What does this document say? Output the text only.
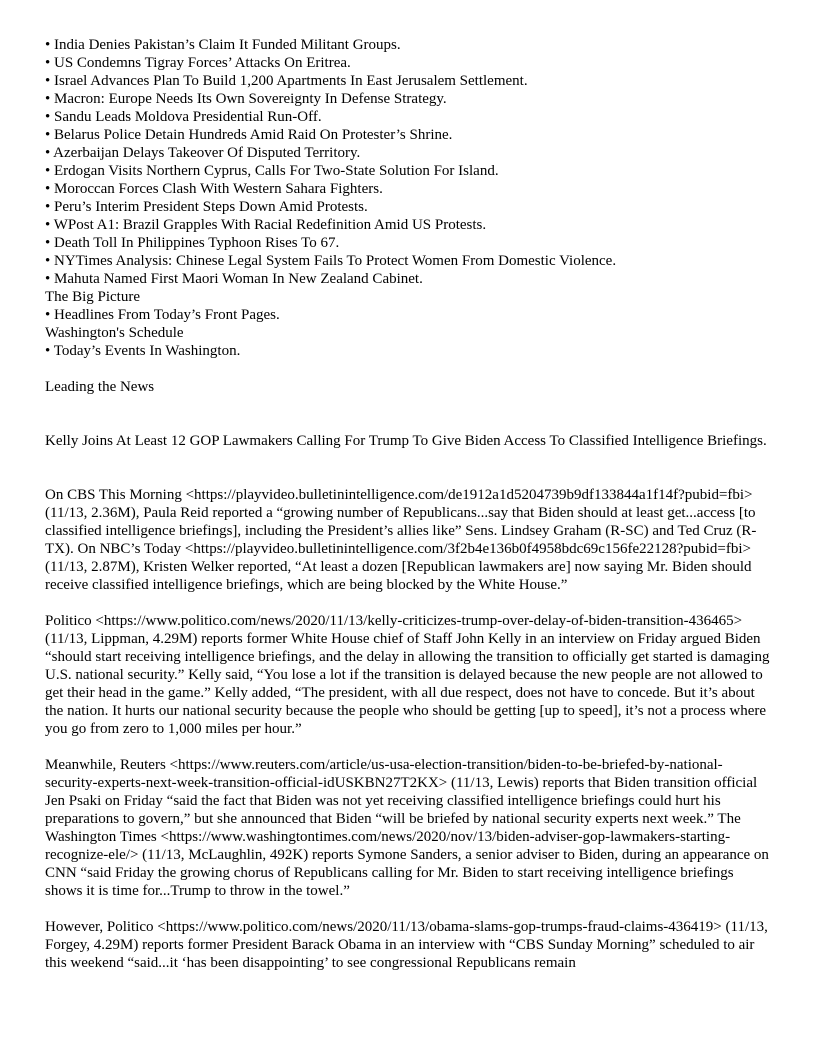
• India Denies Pakistan’s Claim It Funded Militant Groups.

• US Condemns Tigray Forces’ Attacks On Eritrea.

• Israel Advances Plan To Build 1,200 Apartments In East Jerusalem Settlement.

• Macron: Europe Needs Its Own Sovereignty In Defense Strategy.

• Sandu Leads Moldova Presidential Run-Off.

• Belarus Police Detain Hundreds Amid Raid On Protester’s Shrine.

• Azerbaijan Delays Takeover Of Disputed Territory.

• Erdogan Visits Northern Cyprus, Calls For Two-State Solution For Island.

• Moroccan Forces Clash With Western Sahara Fighters.

• Peru’s Interim President Steps Down Amid Protests.

• WPost A1: Brazil Grapples With Racial Redefinition Amid US Protests.

• Death Toll In Philippines Typhoon Rises To 67.

• NYTimes Analysis: Chinese Legal System Fails To Protect Women From Domestic Violence.

• Mahuta Named First Maori Woman In New Zealand Cabinet.

The Big Picture

• Headlines From Today’s Front Pages.

Washington's Schedule

• Today’s Events In Washington.

Leading the News

Kelly Joins At Least 12 GOP Lawmakers Calling For Trump To Give Biden Access To Classified Intelligence Briefings.

On CBS This Morning <https://playvideo.bulletinintelligence.com/de1912a1d5204739b9df133844a1f14f?pubid=fbi> (11/13, 2.36M), Paula Reid reported a “growing number of Republicans...say that Biden should at least get...access [to classified intelligence briefings], including the President’s allies like” Sens. Lindsey Graham (R-SC) and Ted Cruz (R-TX). On NBC’s Today <https://playvideo.bulletinintelligence.com/3f2b4e136b0f4958bdc69c156fe22128?pubid=fbi> (11/13, 2.87M), Kristen Welker reported, “At least a dozen [Republican lawmakers are] now saying Mr. Biden should receive classified intelligence briefings, which are being blocked by the White House.”

Politico <https://www.politico.com/news/2020/11/13/kelly-criticizes-trump-over-delay-of-biden-transition-436465> (11/13, Lippman, 4.29M) reports former White House chief of Staff John Kelly in an interview on Friday argued Biden “should start receiving intelligence briefings, and the delay in allowing the transition to officially get started is damaging U.S. national security.” Kelly said, “You lose a lot if the transition is delayed because the new people are not allowed to get their head in the game.” Kelly added, “The president, with all due respect, does not have to concede. But it’s about the nation. It hurts our national security because the people who should be getting [up to speed], it’s not a process where you go from zero to 1,000 miles per hour.”

Meanwhile, Reuters <https://www.reuters.com/article/us-usa-election-transition/biden-to-be-briefed-by-national-security-experts-next-week-transition-official-idUSKBN27T2KX> (11/13, Lewis) reports that Biden transition official Jen Psaki on Friday “said the fact that Biden was not yet receiving classified intelligence briefings could hurt his preparations to govern,” but she announced that Biden “will be briefed by national security experts next week.” The Washington Times <https://www.washingtontimes.com/news/2020/nov/13/biden-adviser-gop-lawmakers-starting-recognize-ele/> (11/13, McLaughlin, 492K) reports Symone Sanders, a senior adviser to Biden, during an appearance on CNN “said Friday the growing chorus of Republicans calling for Mr. Biden to start receiving intelligence briefings shows it is time for...Trump to throw in the towel.”

However, Politico <https://www.politico.com/news/2020/11/13/obama-slams-gop-trumps-fraud-claims-436419> (11/13, Forgey, 4.29M) reports former President Barack Obama in an interview with “CBS Sunday Morning” scheduled to air this weekend “said...it ‘has been disappointing’ to see congressional Republicans remain
